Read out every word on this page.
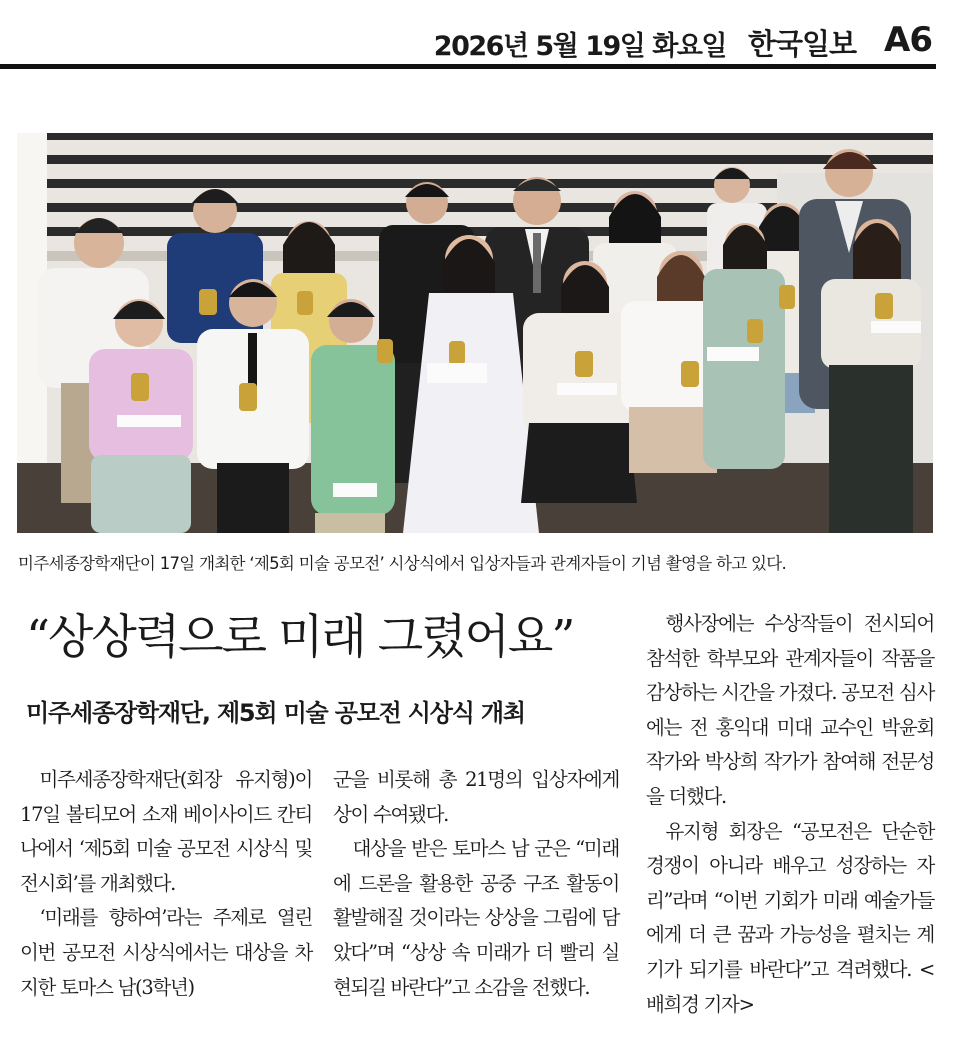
2026년 5월 19일 화요일 한국일보 A6
미주세종장학재단이 17일 개최한 ‘제5회 미술 공모전’ 시상식에서 입상자들과 관계자들이 기념 촬영을 하고 있다.
“상상력으로 미래 그렸어요”
미주세종장학재단, 제5회 미술 공모전 시상식 개최

미주세종장학재단(회장 유지형)이 17일 볼티모어 소재 베이사이드 칸티나에서 ‘제5회 미술 공모전 시상식 및 전시회’를 개최했다.

‘미래를 향하여’라는 주제로 열린 이번 공모전 시상식에서는 대상을 차지한 토마스 남(3학년)

군을 비롯해 총 21명의 입상자에게 상이 수여됐다.

대상을 받은 토마스 남 군은 “미래에 드론을 활용한 공중 구조 활동이 활발해질 것이라는 상상을 그림에 담았다”며 “상상 속 미래가 더 빨리 실현되길 바란다”고 소감을 전했다.

행사장에는 수상작들이 전시되어 참석한 학부모와 관계자들이 작품을 감상하는 시간을 가졌다. 공모전 심사에는 전 홍익대 미대 교수인 박윤회 작가와 박상희 작가가 참여해 전문성을 더했다.

유지형 회장은 “공모전은 단순한 경쟁이 아니라 배우고 성장하는 자리”라며 “이번 기회가 미래 예술가들에게 더 큰 꿈과 가능성을 펼치는 계기가 되기를 바란다”고 격려했다. <배희경 기자>
